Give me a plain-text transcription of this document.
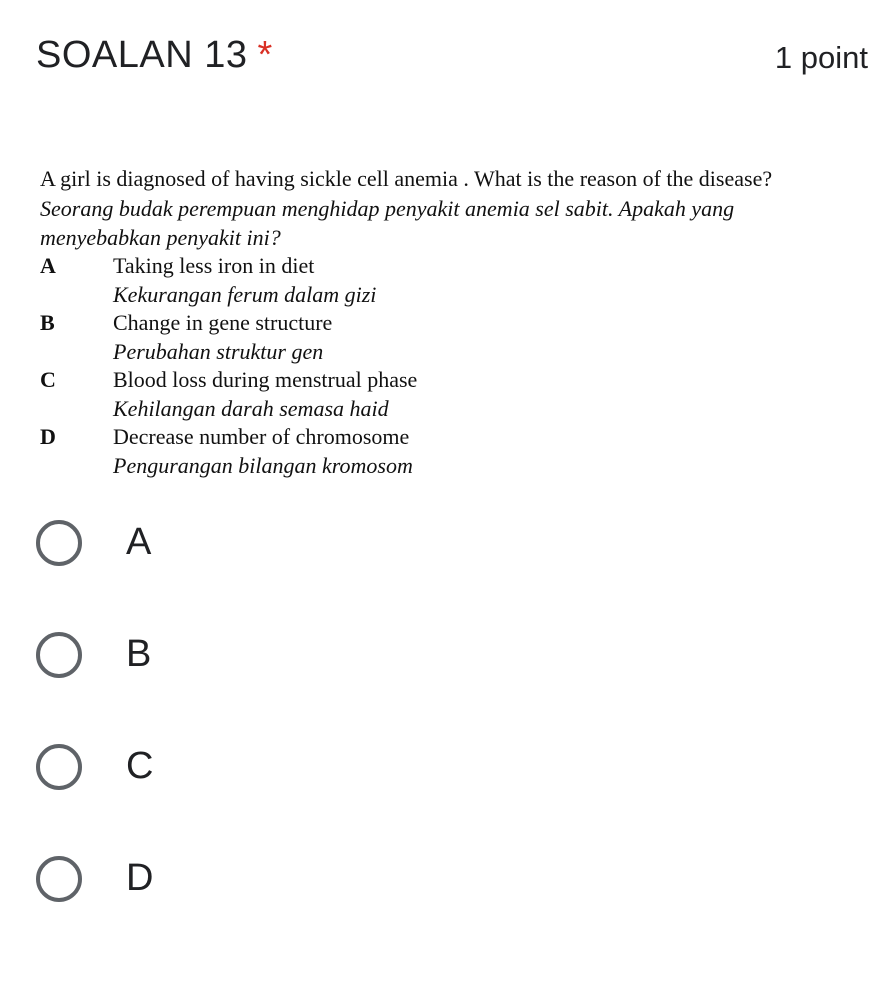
SOALAN 13 *	1 point
A girl is diagnosed of having sickle cell anemia . What is the reason of the disease?
Seorang budak perempuan menghidap penyakit anemia sel sabit. Apakah yang menyebabkan penyakit ini?
A	Taking less iron in diet
Kekurangan ferum dalam gizi
B	Change in gene structure
Perubahan struktur gen
C	Blood loss during menstrual phase
Kehilangan darah semasa haid
D	Decrease number of chromosome
Pengurangan bilangan kromosom
A
B
C
D
